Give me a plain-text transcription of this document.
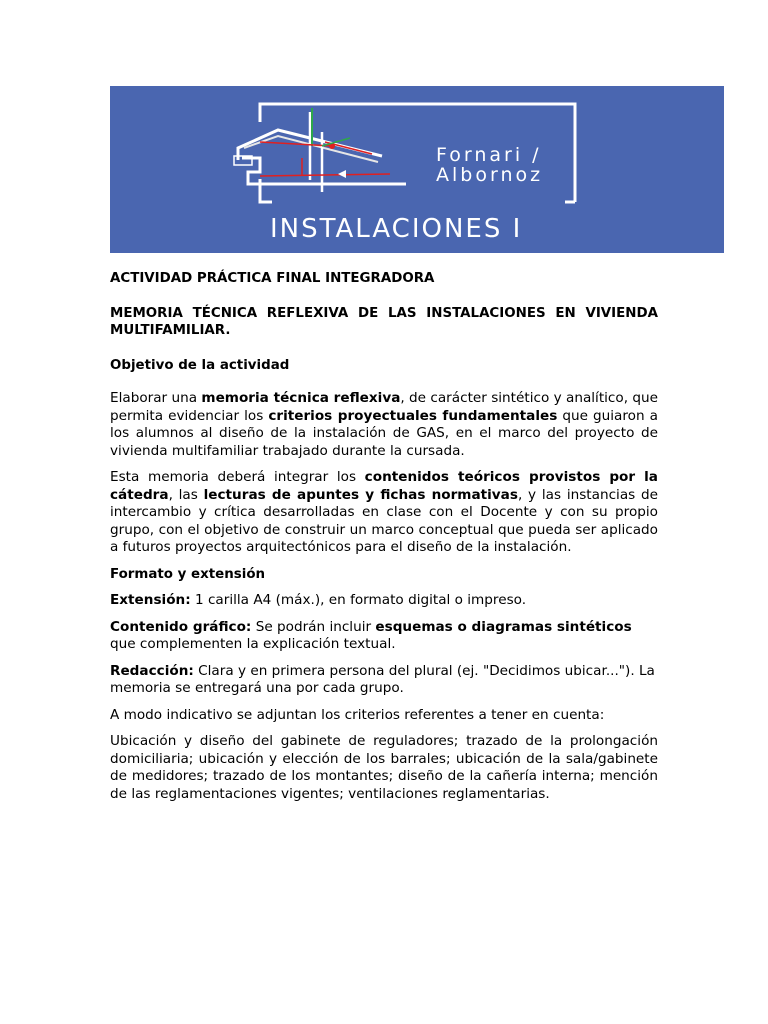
Fornari /
Albornoz
INSTALACIONES I

ACTIVIDAD PRÁCTICA FINAL INTEGRADORA

MEMORIA TÉCNICA REFLEXIVA DE LAS INSTALACIONES EN VIVIENDA MULTIFAMILIAR.

Objetivo de la actividad

Elaborar una memoria técnica reflexiva, de carácter sintético y analítico, que permita evidenciar los criterios proyectuales fundamentales que guiaron a los alumnos al diseño de la instalación de GAS, en el marco del proyecto de vivienda multifamiliar trabajado durante la cursada.

Esta memoria deberá integrar los contenidos teóricos provistos por la cátedra, las lecturas de apuntes y fichas normativas, y las instancias de intercambio y crítica desarrolladas en clase con el Docente y con su propio grupo, con el objetivo de construir un marco conceptual que pueda ser aplicado a futuros proyectos arquitectónicos para el diseño de la instalación.

Formato y extensión

Extensión: 1 carilla A4 (máx.), en formato digital o impreso.

Contenido gráfico: Se podrán incluir esquemas o diagramas sintéticos que complementen la explicación textual.

Redacción: Clara y en primera persona del plural (ej. "Decidimos ubicar..."). La memoria se entregará una por cada grupo.

A modo indicativo se adjuntan los criterios referentes a tener en cuenta:

Ubicación y diseño del gabinete de reguladores; trazado de la prolongación domiciliaria; ubicación y elección de los barrales; ubicación de la sala/gabinete de medidores; trazado de los montantes; diseño de la cañería interna; mención de las reglamentaciones vigentes; ventilaciones reglamentarias.
